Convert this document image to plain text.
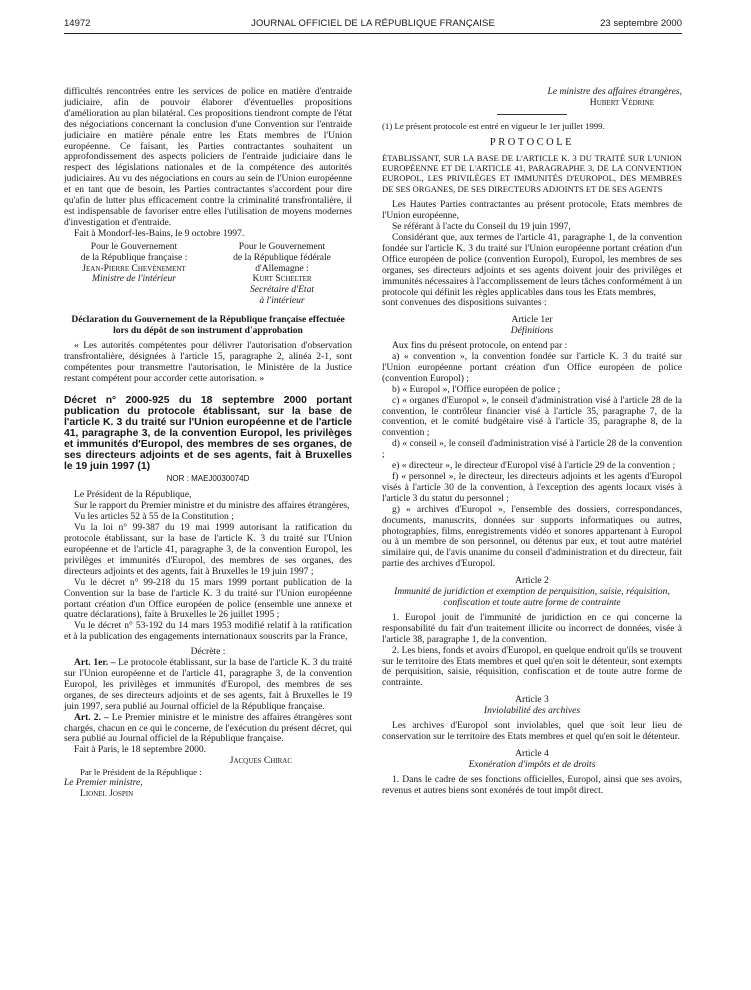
14972	JOURNAL OFFICIEL DE LA RÉPUBLIQUE FRANÇAISE	23 septembre 2000

difficultés rencontrées entre les services de police en matière d'entraide judiciaire, afin de pouvoir élaborer d'éventuelles propositions d'amélioration au plan bilatéral. Ces propositions tiendront compte de l'état des négociations concernant la conclusion d'une Convention sur l'entraide judiciaire en matière pénale entre les Etats membres de l'Union européenne. Ce faisant, les Parties contractantes souhaitent un approfondissement des aspects policiers de l'entraide judiciaire dans le respect des législations nationales et de la compétence des autorités judiciaires. Au vu des négociations en cours au sein de l'Union européenne et en tant que de besoin, les Parties contractantes s'accordent pour dire qu'afin de lutter plus efficacement contre la criminalité transfrontalière, il est indispensable de favoriser entre elles l'utilisation de moyens modernes d'investigation et d'entraide.

Fait à Mondorf-les-Bains, le 9 octobre 1997.

Pour le Gouvernement
de la République française :
Jean-Pierre Chevènement
Ministre de l'intérieur
Pour le Gouvernement
de la République fédérale
d'Allemagne :
Kurt Schelter
Secrétaire d'Etat
à l'intérieur

Déclaration du Gouvernement de la République française effectuée lors du dépôt de son instrument d'approbation

« Les autorités compétentes pour délivrer l'autorisation d'observation transfrontalière, désignées à l'article 15, paragraphe 2, alinéa 2-1, sont compétentes pour transmettre l'autorisation, le Ministère de la Justice restant compétent pour accorder cette autorisation. »

Décret n° 2000-925 du 18 septembre 2000 portant publication du protocole établissant, sur la base de l'article K. 3 du traité sur l'Union européenne et de l'article 41, paragraphe 3, de la convention Europol, les privilèges et immunités d'Europol, des membres de ses organes, de ses directeurs adjoints et de ses agents, fait à Bruxelles le 19 juin 1997 (1)

NOR : MAEJ0030074D

Le Président de la République,

Sur le rapport du Premier ministre et du ministre des affaires étrangères,

Vu les articles 52 à 55 de la Constitution ;

Vu la loi n° 99-387 du 19 mai 1999 autorisant la ratification du protocole établissant, sur la base de l'article K. 3 du traité sur l'Union européenne et de l'article 41, paragraphe 3, de la convention Europol, les privilèges et immunités d'Europol, des membres de ses organes, des directeurs adjoints et des agents, fait à Bruxelles le 19 juin 1997 ;

Vu le décret n° 99-218 du 15 mars 1999 portant publication de la Convention sur la base de l'article K. 3 du traité sur l'Union européenne portant création d'un Office européen de police (ensemble une annexe et quatre déclarations), faite à Bruxelles le 26 juillet 1995 ;

Vu le décret n° 53-192 du 14 mars 1953 modifié relatif à la ratification et à la publication des engagements internationaux souscrits par la France,

Décrète :

Art. 1er. – Le protocole établissant, sur la base de l'article K. 3 du traité sur l'Union européenne et de l'article 41, paragraphe 3, de la convention Europol, les privilèges et immunités d'Europol, des membres de ses organes, de ses directeurs adjoints et de ses agents, fait à Bruxelles le 19 juin 1997, sera publié au Journal officiel de la République française.

Art. 2. – Le Premier ministre et le ministre des affaires étrangères sont chargés, chacun en ce qui le concerne, de l'exécution du présent décret, qui sera publié au Journal officiel de la République française.

Fait à Paris, le 18 septembre 2000.

Jacques Chirac

Par le Président de la République :

Le Premier ministre,

Lionel Jospin

Le ministre des affaires étrangères,

Hubert Védrine

(1) Le présent protocole est entré en vigueur le 1er juillet 1999.

PROTOCOLE

ÉTABLISSANT, SUR LA BASE DE L'ARTICLE K. 3 DU TRAITÉ SUR L'UNION EUROPÉENNE ET DE L'ARTICLE 41, PARAGRAPHE 3, DE LA CONVENTION EUROPOL, LES PRIVILÈGES ET IMMUNITÉS D'EUROPOL, DES MEMBRES DE SES ORGANES, DE SES DIRECTEURS ADJOINTS ET DE SES AGENTS

Les Hautes Parties contractantes au présent protocole, Etats membres de l'Union européenne,

Se référant à l'acte du Conseil du 19 juin 1997,

Considérant que, aux termes de l'article 41, paragraphe 1, de la convention fondée sur l'article K. 3 du traité sur l'Union européenne portant création d'un Office européen de police (convention Europol), Europol, les membres de ses organes, ses directeurs adjoints et ses agents doivent jouir des privilèges et immunités nécessaires à l'accomplissement de leurs tâches conformément à un protocole qui définit les règles applicables dans tous les Etats membres,

sont convenues des dispositions suivantes :

Article 1er

Définitions

Aux fins du présent protocole, on entend par :

a) « convention », la convention fondée sur l'article K. 3 du traité sur l'Union européenne portant création d'un Office européen de police (convention Europol) ;

b) « Europol », l'Office européen de police ;

c) « organes d'Europol », le conseil d'administration visé à l'article 28 de la convention, le contrôleur financier visé à l'article 35, paragraphe 7, de la convention, et le comité budgétaire visé à l'article 35, paragraphe 8, de la convention ;

d) « conseil », le conseil d'administration visé à l'article 28 de la convention ;

e) « directeur », le directeur d'Europol visé à l'article 29 de la convention ;

f) « personnel », le directeur, les directeurs adjoints et les agents d'Europol visés à l'article 30 de la convention, à l'exception des agents locaux visés à l'article 3 du statut du personnel ;

g) « archives d'Europol », l'ensemble des dossiers, correspondances, documents, manuscrits, données sur supports informatiques ou autres, photographies, films, enregistrements vidéo et sonores appartenant à Europol ou à un membre de son personnel, ou détenus par eux, et tout autre matériel similaire qui, de l'avis unanime du conseil d'administration et du directeur, fait partie des archives d'Europol.

Article 2

Immunité de juridiction et exemption de perquisition, saisie, réquisition, confiscation et toute autre forme de contrainte

1. Europol jouit de l'immunité de juridiction en ce qui concerne la responsabilité du fait d'un traitement illicite ou incorrect de données, visée à l'article 38, paragraphe 1, de la convention.

2. Les biens, fonds et avoirs d'Europol, en quelque endroit qu'ils se trouvent sur le territoire des Etats membres et quel qu'en soit le détenteur, sont exempts de perquisition, saisie, réquisition, confiscation et de toute autre forme de contrainte.

Article 3

Inviolabilité des archives

Les archives d'Europol sont inviolables, quel que soit leur lieu de conservation sur le territoire des Etats membres et quel qu'en soit le détenteur.

Article 4

Exonération d'impôts et de droits

1. Dans le cadre de ses fonctions officielles, Europol, ainsi que ses avoirs, revenus et autres biens sont exonérés de tout impôt direct.
